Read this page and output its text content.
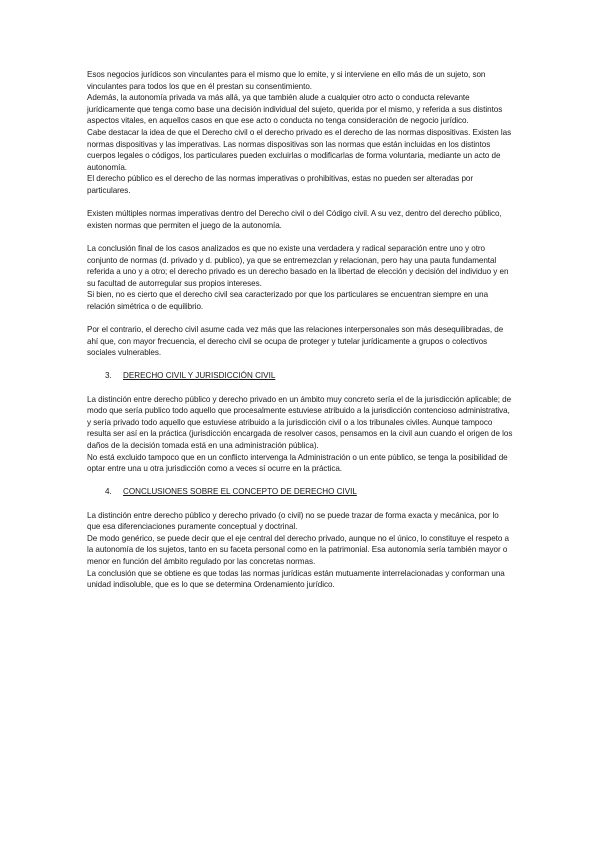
Esos negocios jurídicos son vinculantes para el mismo que lo emite, y si interviene en ello más de un sujeto, son vinculantes para todos los que en él prestan su consentimiento.

Además, la autonomía privada va más allá, ya que también alude a cualquier otro acto o conducta relevante jurídicamente que tenga como base una decisión individual del sujeto, querida por el mismo, y referida a sus distintos aspectos vitales, en aquellos casos en que ese acto o conducta no tenga consideración de negocio jurídico.

Cabe destacar la idea de que el Derecho civil o el derecho privado es el derecho de las normas dispositivas. Existen las normas dispositivas y las imperativas. Las normas dispositivas son las normas que están incluidas en los distintos cuerpos legales o códigos, los particulares pueden excluirlas o modificarlas de forma voluntaria, mediante un acto de autonomía.

El derecho público es el derecho de las normas imperativas o prohibitivas, estas no pueden ser alteradas por particulares.

Existen múltiples normas imperativas dentro del Derecho civil o del Código civil. A su vez, dentro del derecho público, existen normas que permiten el juego de la autonomía.

La conclusión final de los casos analizados es que no existe una verdadera y radical separación entre uno y otro conjunto de normas (d. privado y d. publico), ya que se entremezclan y relacionan, pero hay una pauta fundamental referida a uno y a otro; el derecho privado es un derecho basado en la libertad de elección y decisión del individuo y en su facultad de autorregular sus propios intereses.

Si bien, no es cierto que el derecho civil sea caracterizado por que los particulares se encuentran siempre en una relación simétrica o de equilibrio.

Por el contrario, el derecho civil asume cada vez más que las relaciones interpersonales son más desequilibradas, de ahí que, con mayor frecuencia, el derecho civil se ocupa de proteger y tutelar jurídicamente a grupos o colectivos sociales vulnerables.

3.	DERECHO CIVIL Y JURISDICCIÓN CIVIL

La distinción entre derecho público y derecho privado en un ámbito muy concreto sería el de la jurisdicción aplicable; de modo que sería publico todo aquello que procesalmente estuviese atribuido a la jurisdicción contencioso administrativa, y sería privado todo aquello que estuviese atribuido a la jurisdicción civil o a los tribunales civiles. Aunque tampoco resulta ser así en la práctica (jurisdicción encargada de resolver casos, pensamos en la civil aun cuando el origen de los daños de la decisión tomada está en una administración pública).

No está excluido tampoco que en un conflicto intervenga la Administración o un ente público, se tenga la posibilidad de optar entre una u otra jurisdicción como a veces sí ocurre en la práctica.

4.	CONCLUSIONES SOBRE EL CONCEPTO DE DERECHO CIVIL

La distinción entre derecho público y derecho privado (o civil) no se puede trazar de forma exacta y mecánica, por lo que esa diferenciaciones puramente conceptual y doctrinal.

De modo genérico, se puede decir que el eje central del derecho privado, aunque no el único, lo constituye el respeto a la autonomía de los sujetos, tanto en su faceta personal como en la patrimonial. Esa autonomía sería también mayor o menor en función del ámbito regulado por las concretas normas.

La conclusión que se obtiene es que todas las normas jurídicas están mutuamente interrelacionadas y conforman una unidad indisoluble, que es lo que se determina Ordenamiento jurídico.
